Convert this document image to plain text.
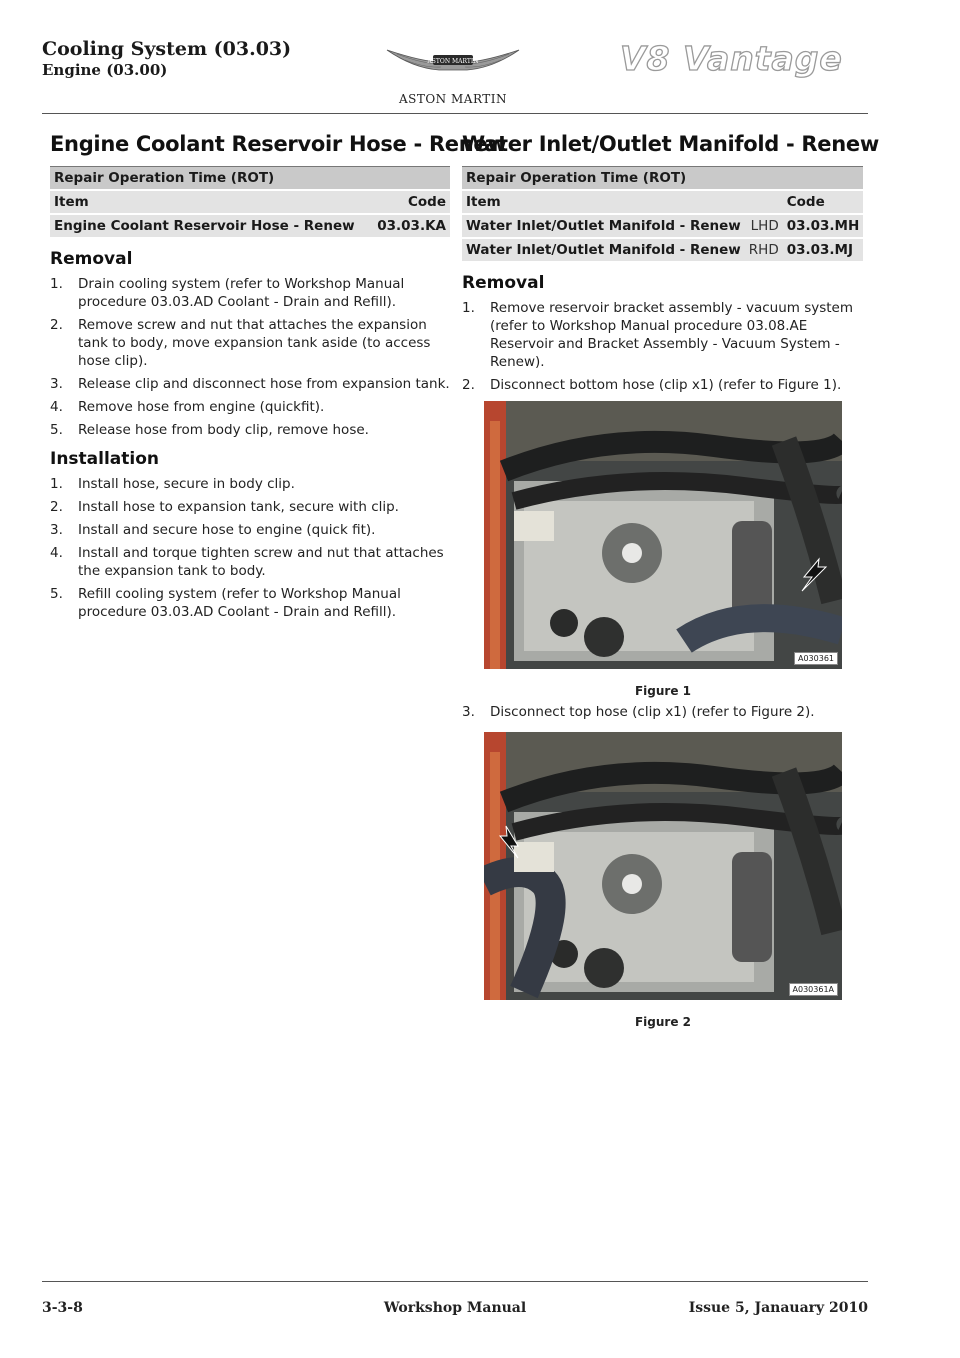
Cooling System (03.03)
Engine (03.00)	ASTON MARTIN
ASTON MARTIN
V8 Vantage
Engine Coolant Reservoir Hose - Renew
Repair Operation Time (ROT)	
Item	Code
Engine Coolant Reservoir Hose - Renew	03.03.KA
Removal
1.	Drain cooling system (refer to Workshop Manual procedure 03.03.AD Coolant - Drain and Refill).
2.	Remove screw and nut that attaches the expansion tank to body, move expansion tank aside (to access hose clip).
3.	Release clip and disconnect hose from expansion tank.
4.	Remove hose from engine (quickfit).
5.	Release hose from body clip, remove hose.
Installation
1.	Install hose, secure in body clip.
2.	Install hose to expansion tank, secure with clip.
3.	Install and secure hose to engine (quick fit).
4.	Install and torque tighten screw and nut that attaches the expansion tank to body.
5.	Refill cooling system (refer to Workshop Manual procedure 03.03.AD Coolant - Drain and Refill).
Water Inlet/Outlet Manifold - Renew
Repair Operation Time (ROT)		
Item		Code
Water Inlet/Outlet Manifold - Renew	LHD	03.03.MH
Water Inlet/Outlet Manifold - Renew	RHD	03.03.MJ
Removal
1.	Remove reservoir bracket assembly - vacuum system (refer to Workshop Manual procedure 03.08.AE Reservoir and Bracket Assembly - Vacuum System - Renew).
2.	Disconnect bottom hose (clip x1) (refer to Figure 1).
A030361
Figure 1
3.	Disconnect top hose (clip x1) (refer to Figure 2).
A030361A
Figure 2
3-3-8	Workshop Manual	Issue 5, Janauary 2010
